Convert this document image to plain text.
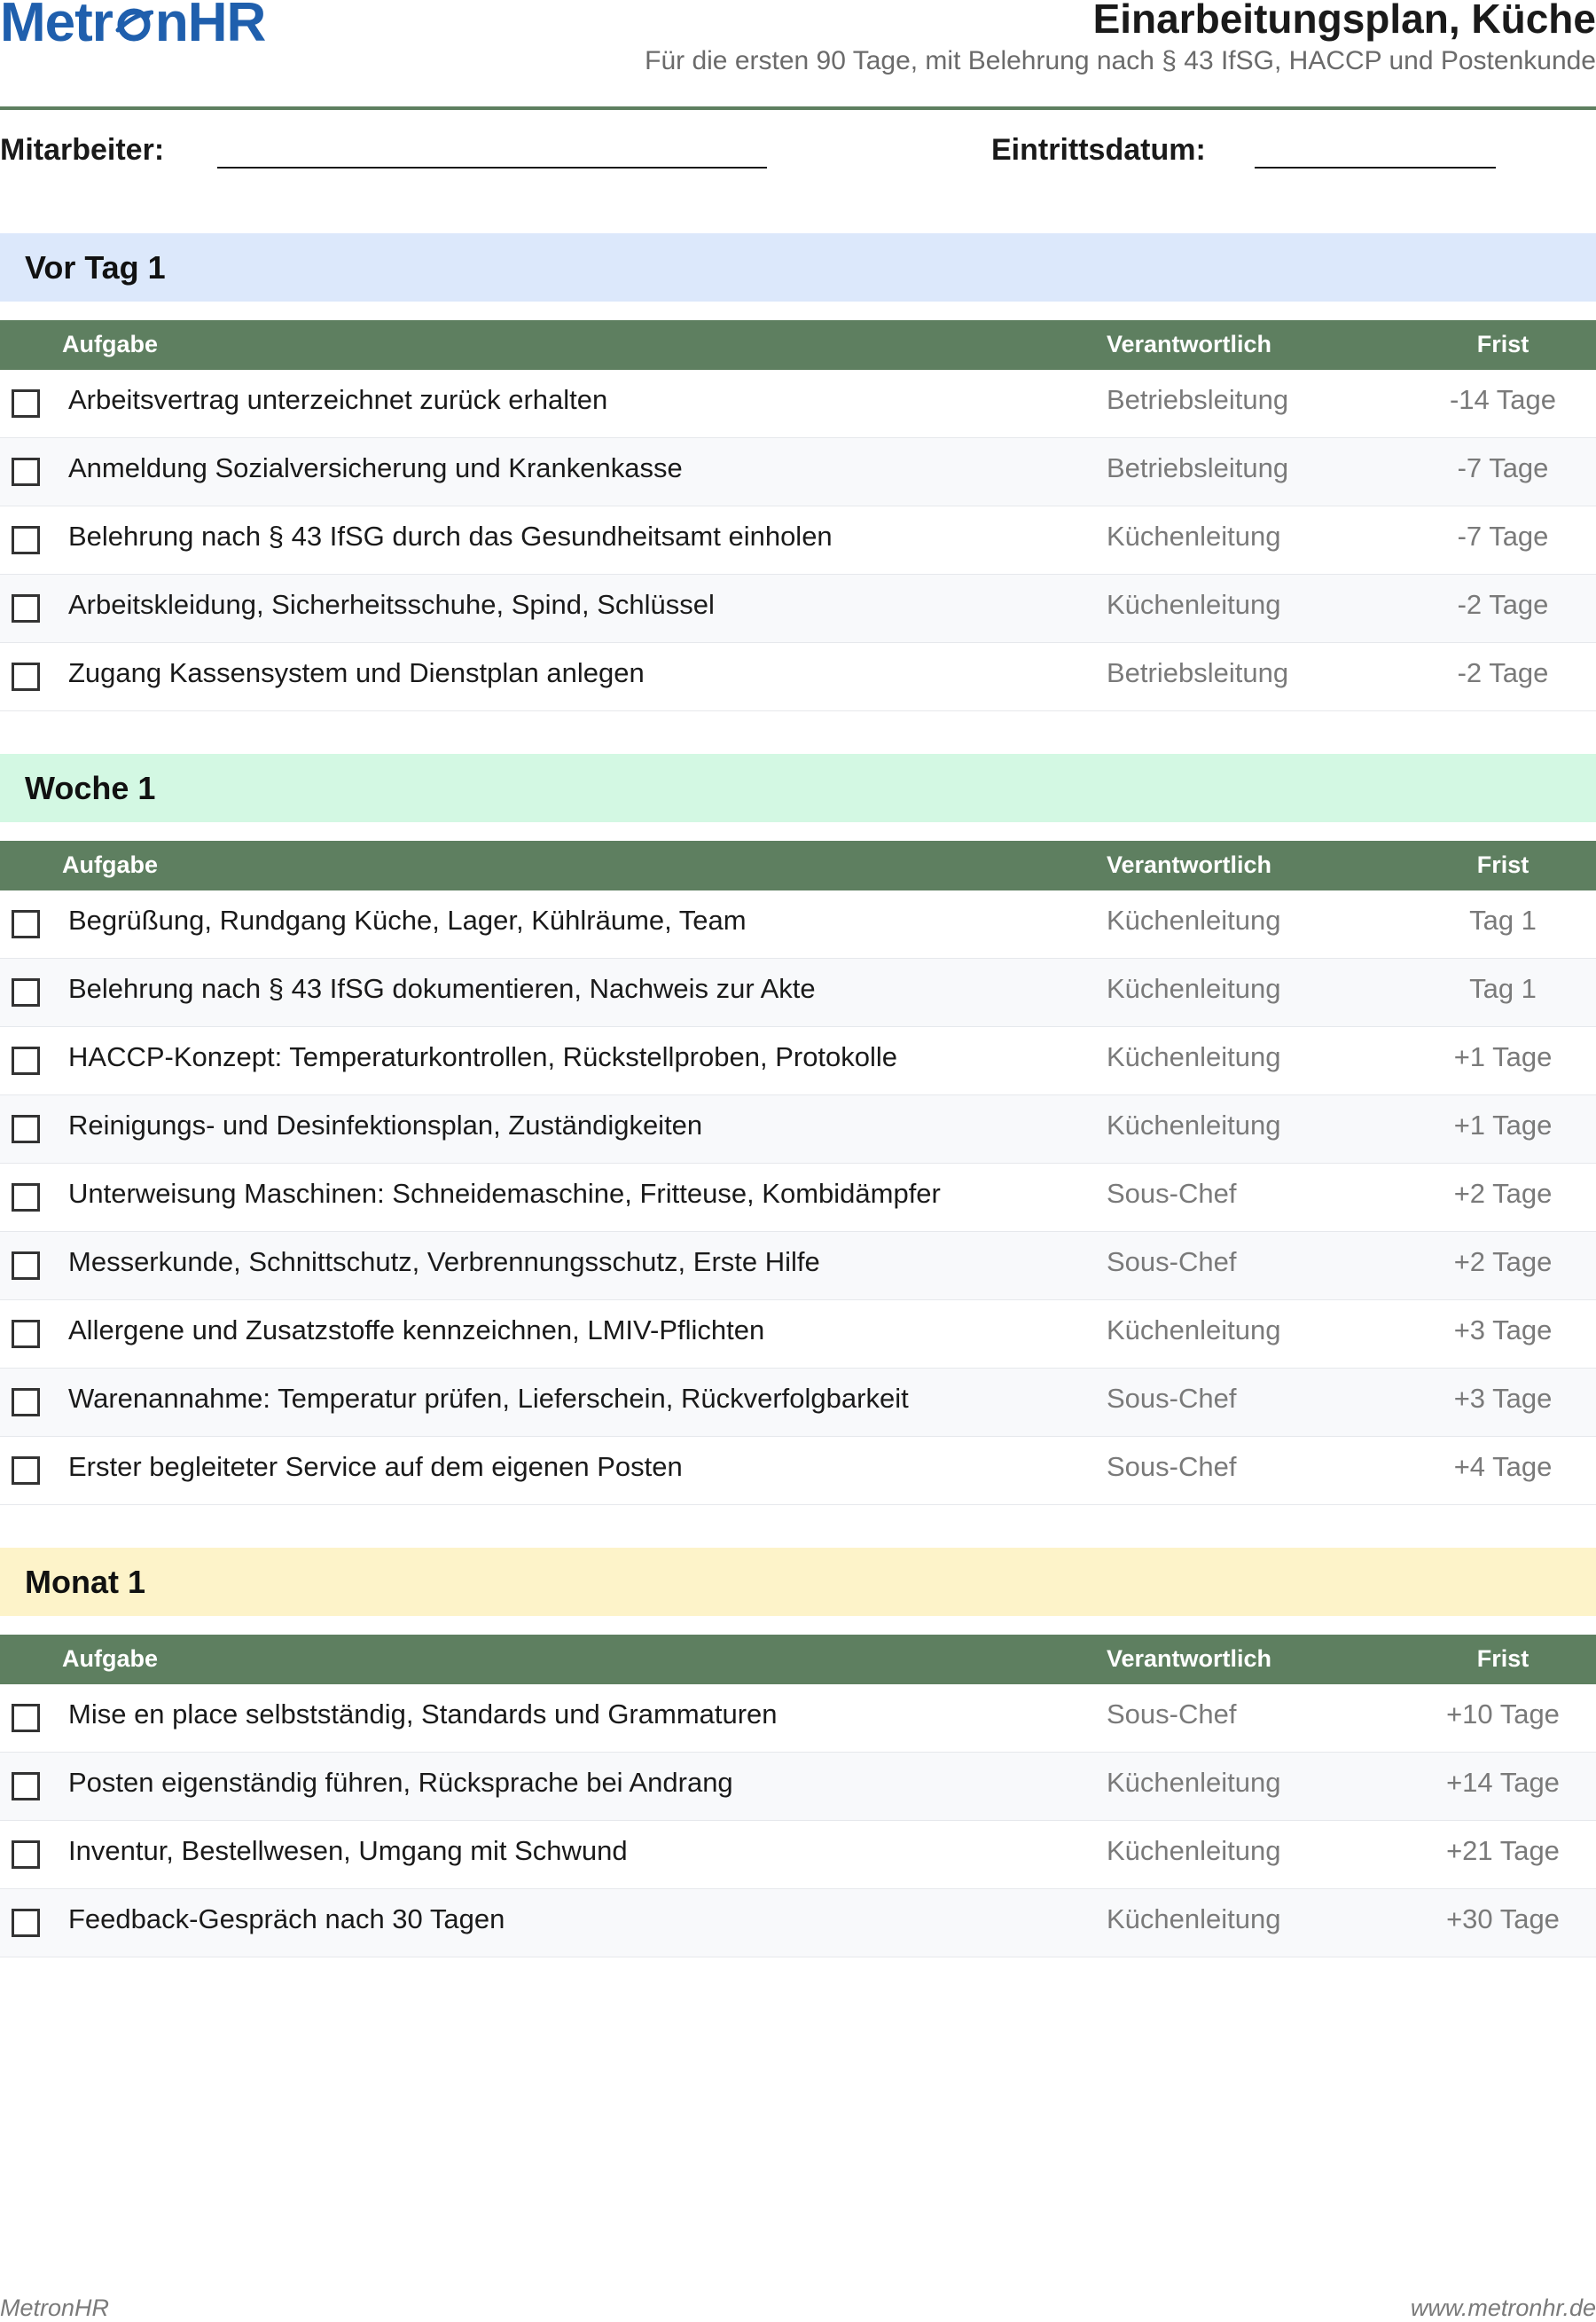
Metr nHR	Einarbeitungsplan, Küche
Für die ersten 90 Tage, mit Belehrung nach § 43 IfSG, HACCP und Postenkunde
Mitarbeiter:	Eintrittsdatum:
Vor Tag 1
Aufgabe	Verantwortlich	Frist
Arbeitsvertrag unterzeichnet zurück erhalten	Betriebsleitung	-14 Tage
Anmeldung Sozialversicherung und Krankenkasse	Betriebsleitung	-7 Tage
Belehrung nach § 43 IfSG durch das Gesundheitsamt einholen	Küchenleitung	-7 Tage
Arbeitskleidung, Sicherheitsschuhe, Spind, Schlüssel	Küchenleitung	-2 Tage
Zugang Kassensystem und Dienstplan anlegen	Betriebsleitung	-2 Tage
Woche 1
Aufgabe	Verantwortlich	Frist
Begrüßung, Rundgang Küche, Lager, Kühlräume, Team	Küchenleitung	Tag 1
Belehrung nach § 43 IfSG dokumentieren, Nachweis zur Akte	Küchenleitung	Tag 1
HACCP-Konzept: Temperaturkontrollen, Rückstellproben, Protokolle	Küchenleitung	+1 Tage
Reinigungs- und Desinfektionsplan, Zuständigkeiten	Küchenleitung	+1 Tage
Unterweisung Maschinen: Schneidemaschine, Fritteuse, Kombidämpfer	Sous-Chef	+2 Tage
Messerkunde, Schnittschutz, Verbrennungsschutz, Erste Hilfe	Sous-Chef	+2 Tage
Allergene und Zusatzstoffe kennzeichnen, LMIV-Pflichten	Küchenleitung	+3 Tage
Warenannahme: Temperatur prüfen, Lieferschein, Rückverfolgbarkeit	Sous-Chef	+3 Tage
Erster begleiteter Service auf dem eigenen Posten	Sous-Chef	+4 Tage
Monat 1
Aufgabe	Verantwortlich	Frist
Mise en place selbstständig, Standards und Grammaturen	Sous-Chef	+10 Tage
Posten eigenständig führen, Rücksprache bei Andrang	Küchenleitung	+14 Tage
Inventur, Bestellwesen, Umgang mit Schwund	Küchenleitung	+21 Tage
Feedback-Gespräch nach 30 Tagen	Küchenleitung	+30 Tage
MetronHR	www.metronhr.de
